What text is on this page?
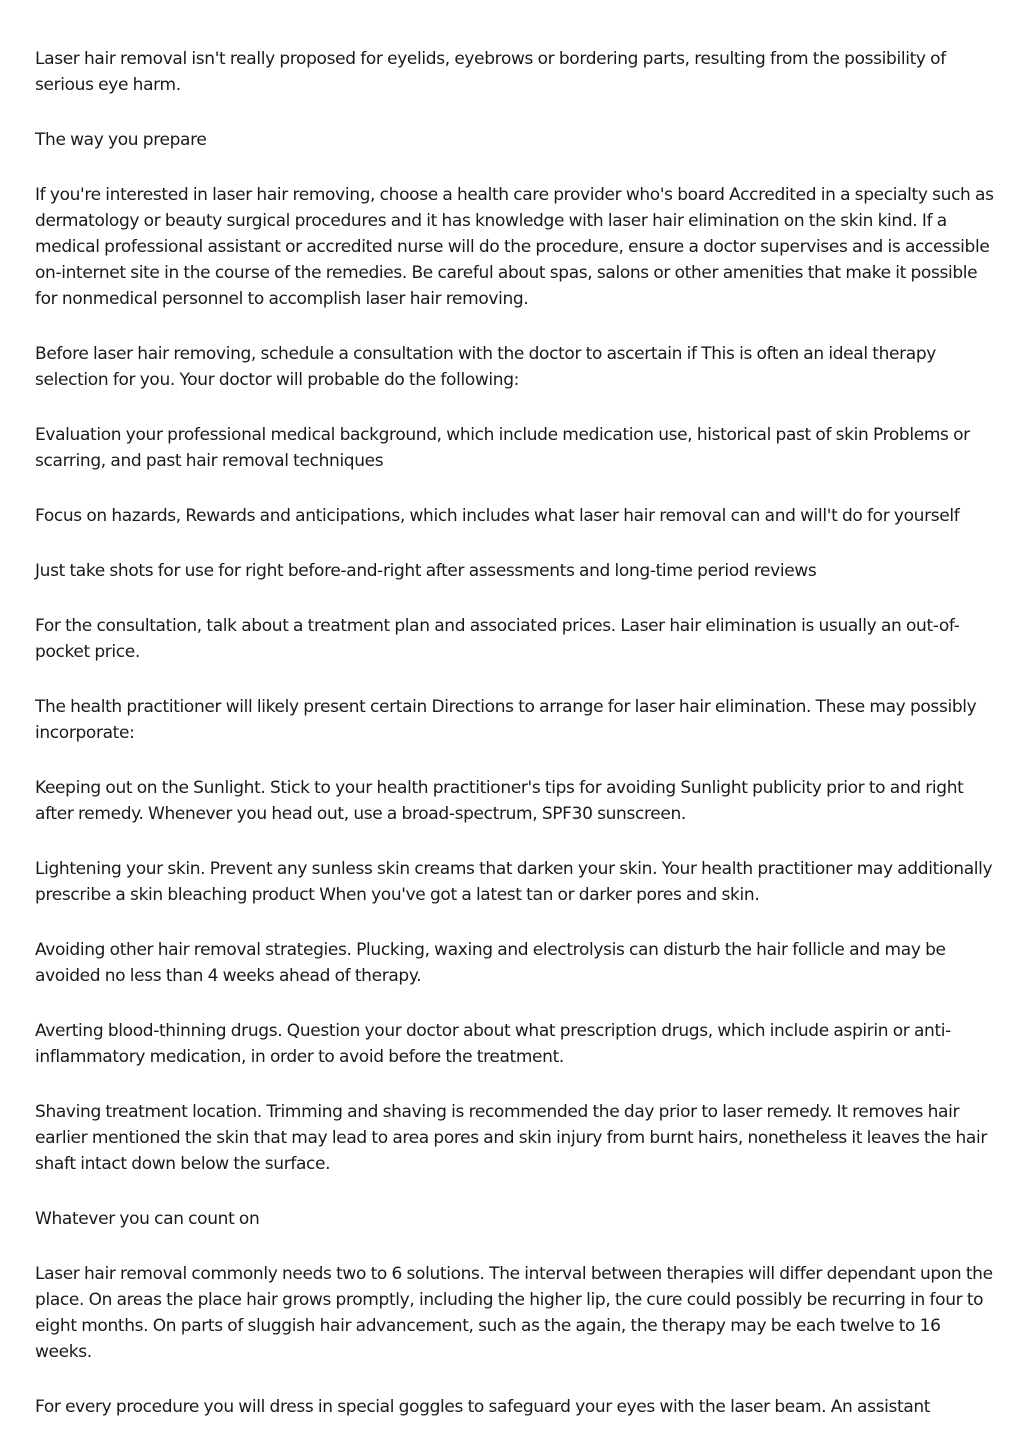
Laser hair removal isn't really proposed for eyelids, eyebrows or bordering parts, resulting from the possibility of serious eye harm.

The way you prepare

If you're interested in laser hair removing, choose a health care provider who's board Accredited in a specialty such as dermatology or beauty surgical procedures and it has knowledge with laser hair elimination on the skin kind. If a medical professional assistant or accredited nurse will do the procedure, ensure a doctor supervises and is accessible on-internet site in the course of the remedies. Be careful about spas, salons or other amenities that make it possible for nonmedical personnel to accomplish laser hair removing.

Before laser hair removing, schedule a consultation with the doctor to ascertain if This is often an ideal therapy selection for you. Your doctor will probable do the following:

Evaluation your professional medical background, which include medication use, historical past of skin Problems or scarring, and past hair removal techniques

Focus on hazards, Rewards and anticipations, which includes what laser hair removal can and will't do for yourself

Just take shots for use for right before-and-right after assessments and long-time period reviews

For the consultation, talk about a treatment plan and associated prices. Laser hair elimination is usually an out-of-pocket price.

The health practitioner will likely present certain Directions to arrange for laser hair elimination. These may possibly incorporate:

Keeping out on the Sunlight. Stick to your health practitioner's tips for avoiding Sunlight publicity prior to and right after remedy. Whenever you head out, use a broad-spectrum, SPF30 sunscreen.

Lightening your skin. Prevent any sunless skin creams that darken your skin. Your health practitioner may additionally prescribe a skin bleaching product When you've got a latest tan or darker pores and skin.

Avoiding other hair removal strategies. Plucking, waxing and electrolysis can disturb the hair follicle and may be avoided no less than 4 weeks ahead of therapy.

Averting blood-thinning drugs. Question your doctor about what prescription drugs, which include aspirin or anti-inflammatory medication, in order to avoid before the treatment.

Shaving treatment location. Trimming and shaving is recommended the day prior to laser remedy. It removes hair earlier mentioned the skin that may lead to area pores and skin injury from burnt hairs, nonetheless it leaves the hair shaft intact down below the surface.

Whatever you can count on

Laser hair removal commonly needs two to 6 solutions. The interval between therapies will differ dependant upon the place. On areas the place hair grows promptly, including the higher lip, the cure could possibly be recurring in four to eight months. On parts of sluggish hair advancement, such as the again, the therapy may be each twelve to 16 weeks.

For every procedure you will dress in special goggles to safeguard your eyes with the laser beam. An assistant
